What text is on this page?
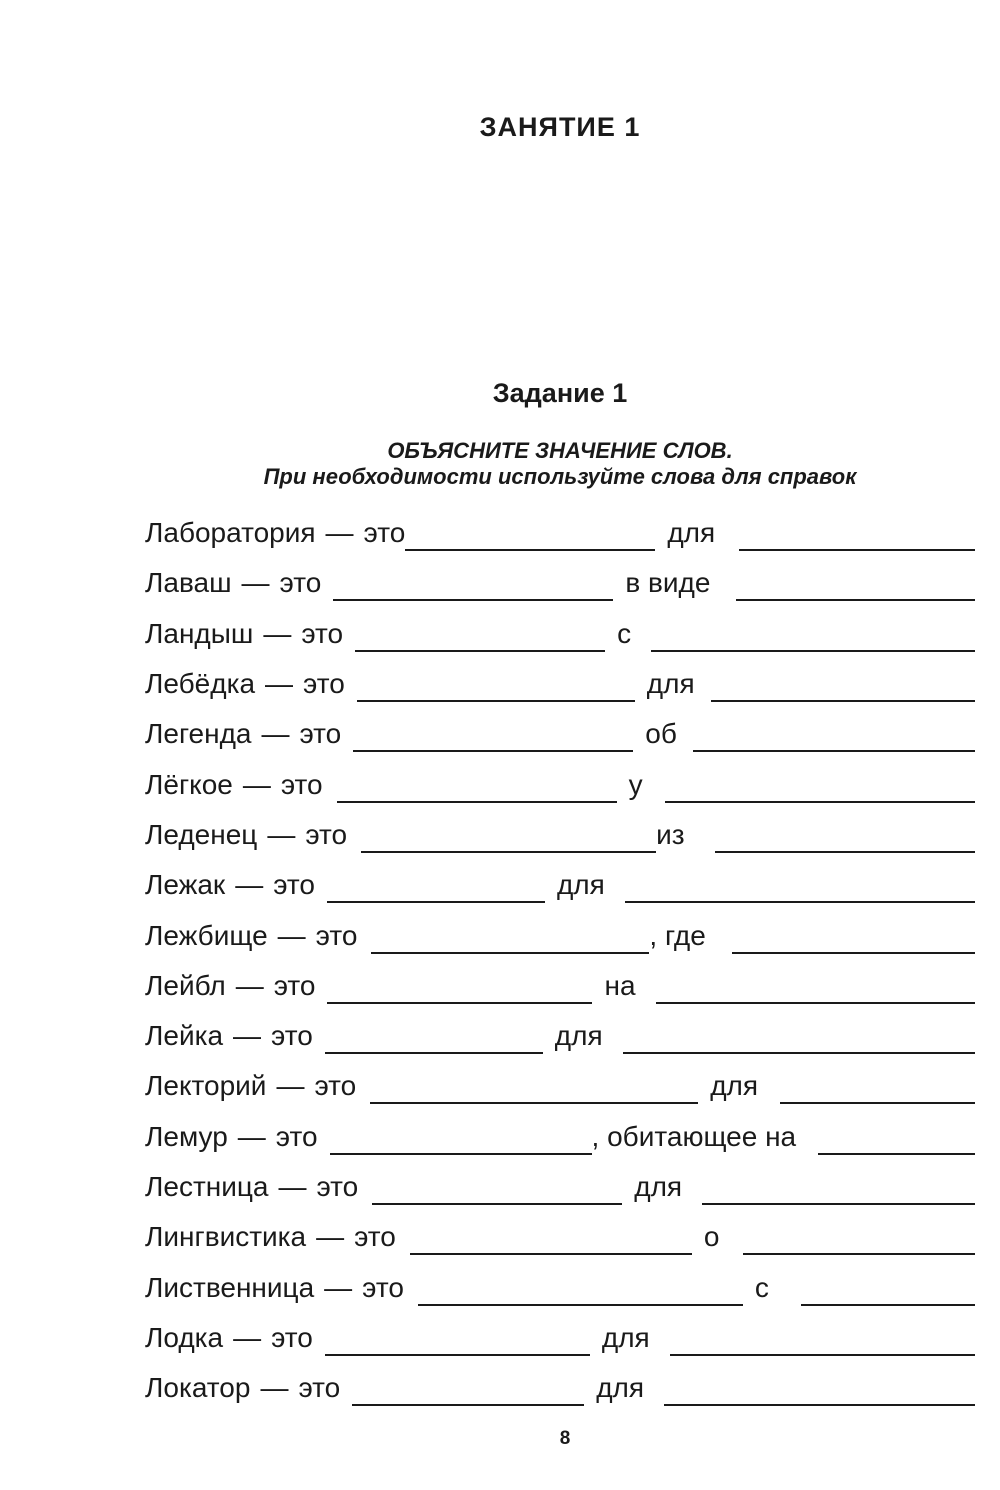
ЗАНЯТИЕ 1
Задание 1
ОБЪЯСНИТЕ ЗНАЧЕНИЕ СЛОВ.
При необходимости используйте слова для справок
Лаборатория — это	для
Лаваш — это	в виде
Ландыш — это	с
Лебёдка — это	для
Легенда — это	об
Лёгкое — это	у
Леденец — это	из
Лежак — это	для
Лежбище — это	, где
Лейбл — это	на
Лейка — это	для
Лекторий — это	для
Лемур — это	, обитающее на
Лестница — это	для
Лингвистика — это	о
Лиственница — это	с
Лодка — это	для
Локатор — это	для
8
